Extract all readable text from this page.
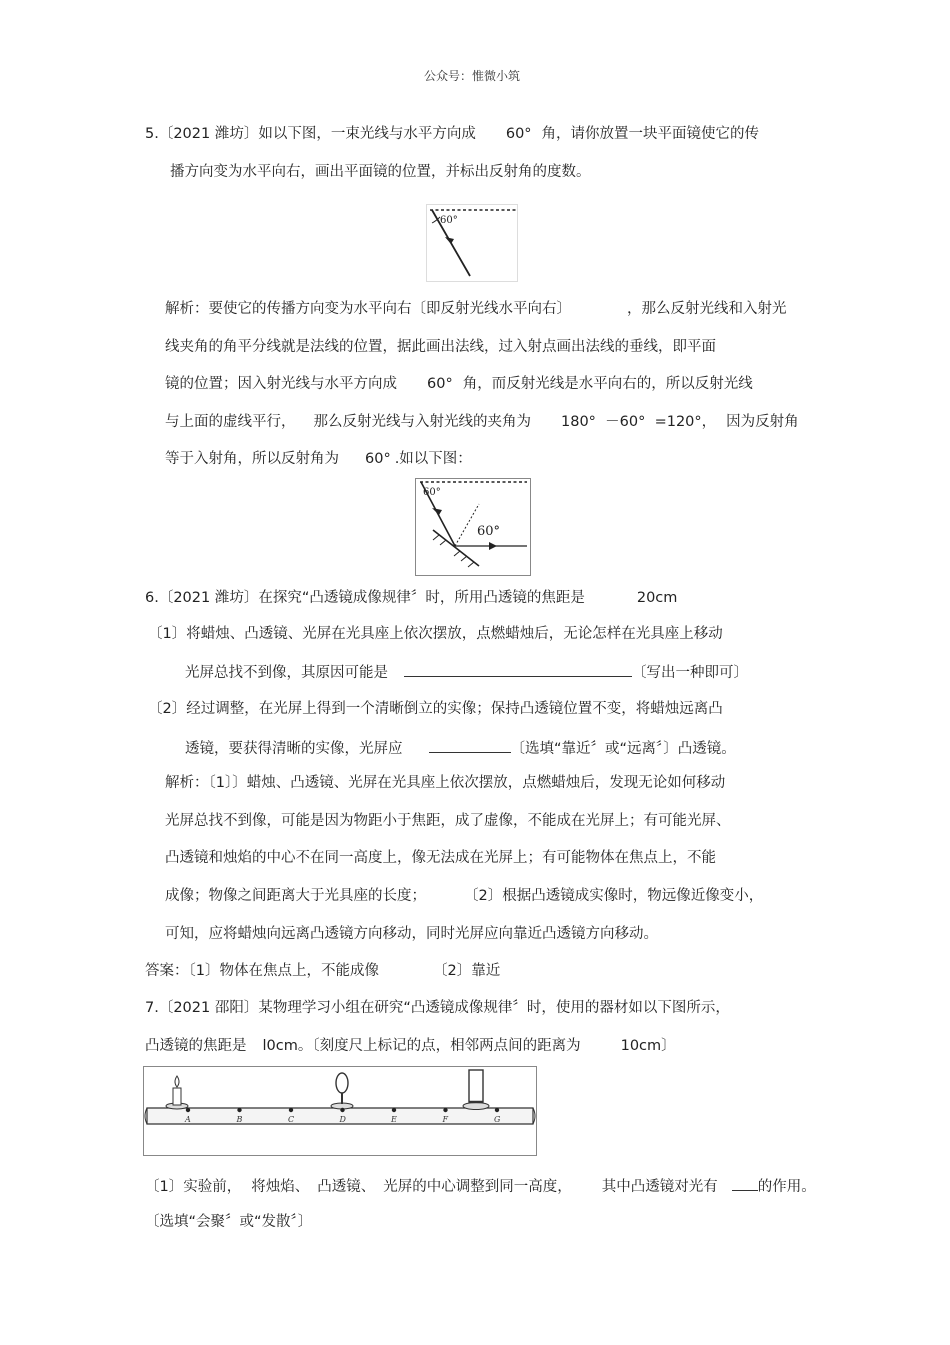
公众号：惟微小筑
5.〔2021 潍坊〕如以下图，一束光线与水平方向成 60° 角，请你放置一块平面镜使它的传
播方向变为水平向右，画出平面镜的位置，并标出反射角的度数。
60°
解析：要使它的传播方向变为水平向右〔即反射光线水平向右〕	，那么反射光线和入射光
线夹角的角平分线就是法线的位置，据此画出法线，过入射点画出法线的垂线，即平面
镜的位置；因入射光线与水平方向成 60° 角，而反射光线是水平向右的，所以反射光线
与上面的虚线平行， 那么反射光线与入射光线的夹角为 180°  －60°  =120°， 因为反射角
等于入射角，所以反射角为 60° .如以下图：
60°
60°
6.〔2021 潍坊〕在探究“凸透镜成像规律〞时，所用凸透镜的焦距是	20cm
〔1〕将蜡烛、凸透镜、光屏在光具座上依次摆放，点燃蜡烛后，无论怎样在光具座上移动
光屏总找不到像，其原因可能是	〔写出一种即可〕
〔2〕经过调整，在光屏上得到一个清晰倒立的实像；保持凸透镜位置不变，将蜡烛远离凸
透镜，要获得清晰的实像，光屏应	〔选填“靠近〞或“远离〞〕凸透镜。
解析：〔1〕〕蜡烛、凸透镜、光屏在光具座上依次摆放，点燃蜡烛后，发现无论如何移动
光屏总找不到像，可能是因为物距小于焦距，成了虚像，不能成在光屏上；有可能光屏、
凸透镜和烛焰的中心不在同一高度上，像无法成在光屏上；有可能物体在焦点上，不能
成像；物像之间距离大于光具座的长度；	〔2〕根据凸透镜成实像时，物远像近像变小，
可知，应将蜡烛向远离凸透镜方向移动，同时光屏应向靠近凸透镜方向移动。
答案：〔1〕物体在焦点上，不能成像	〔2〕靠近
7.〔2021 邵阳〕某物理学习小组在研究“凸透镜成像规律〞时，使用的器材如以下图所示，
凸透镜的焦距是 l0cm。〔刻度尺上标记的点，相邻两点间的距离为	10cm〕
A	B	C	D	E	F	G
〔1〕实验前， 将烛焰、 凸透镜、 光屏的中心调整到同一高度， 其中凸透镜对光有	的作用。
〔选填“会聚〞或“发散〞〕
